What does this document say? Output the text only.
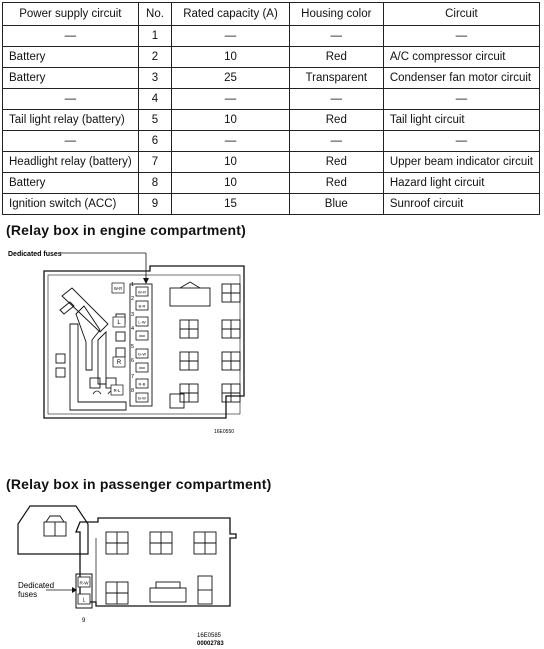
Power supply circuit	No.	Rated capacity (A)	Housing color	Circuit
—	1	—	—	—
Battery	2	10	Red	A/C compressor circuit
Battery	3	25	Transparent	Condenser fan motor circuit
—	4	—	—	—
Tail light relay (battery)	5	10	Red	Tail light circuit
—	6	—	—	—
Headlight relay (battery)	7	10	Red	Upper beam indicator circuit
Battery	8	10	Red	Hazard light circuit
Ignition switch (ACC)	9	15	Blue	Sunroof circuit
(Relay box in engine compartment)
Dedicated fuses
1
W-R
2
B-R
3
L-W
4
5
G-W
6
7
R-B
8
B-W
W-R
L
R
R-L
16E0550
(Relay box in passenger compartment)
R-W
L
Dedicated
fuses
9
16E0585
00002783
